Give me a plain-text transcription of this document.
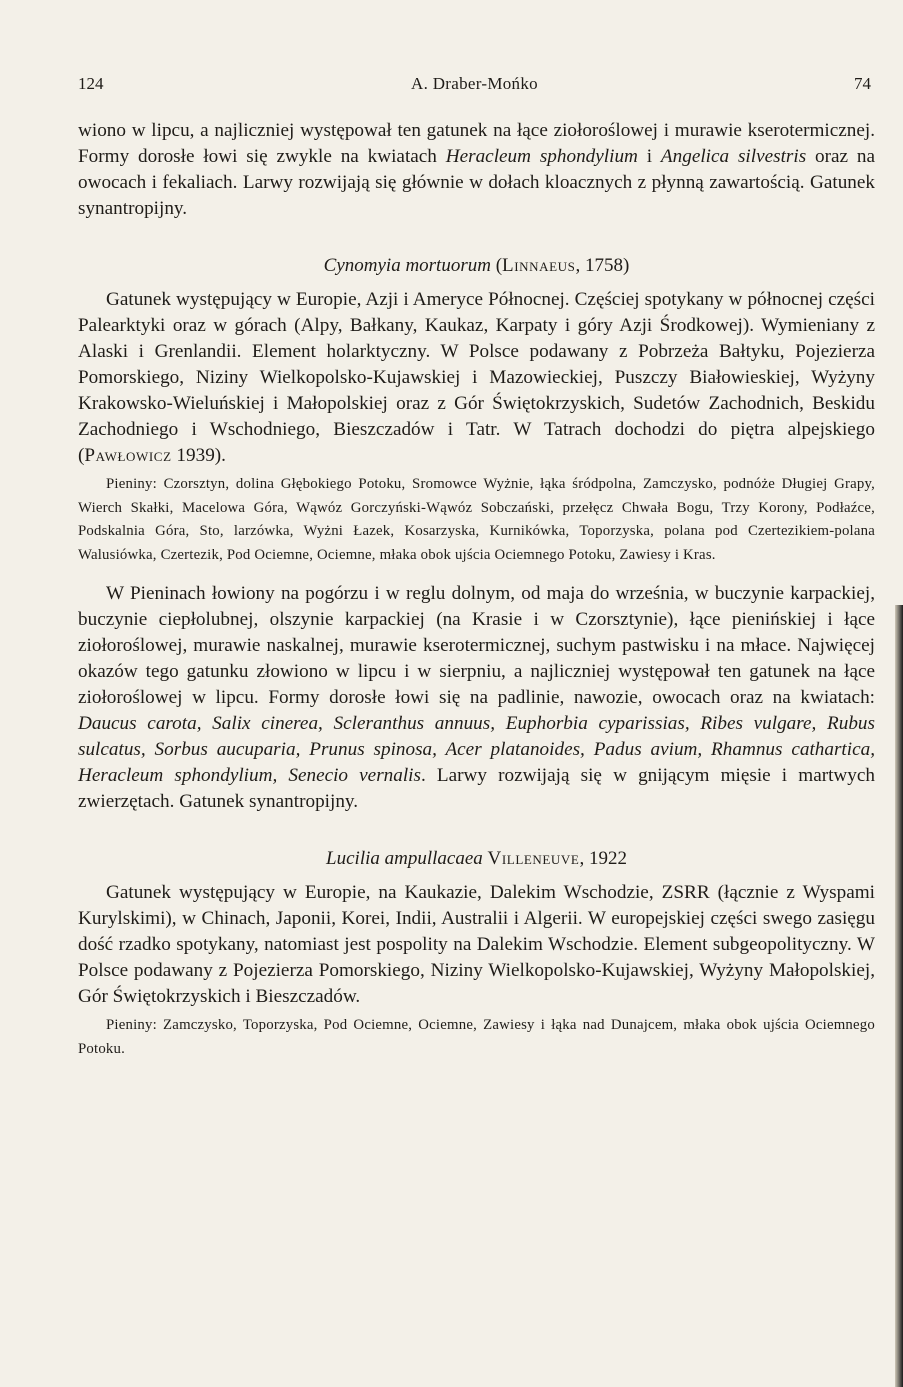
124	A. Draber-Mońko	74

wiono w lipcu, a najliczniej występował ten gatunek na łące ziołoroślowej i murawie kserotermicznej. Formy dorosłe łowi się zwykle na kwiatach Heracleum sphondylium i Angelica silvestris oraz na owocach i fekaliach. Larwy rozwijają się głównie w dołach kloacznych z płynną zawartością. Gatunek synantropijny.

Cynomyia mortuorum (Linnaeus, 1758)

Gatunek występujący w Europie, Azji i Ameryce Północnej. Częściej spotykany w północnej części Palearktyki oraz w górach (Alpy, Bałkany, Kaukaz, Karpaty i góry Azji Środkowej). Wymieniany z Alaski i Grenlandii. Element holarktyczny. W Polsce podawany z Pobrzeża Bałtyku, Pojezierza Pomorskiego, Niziny Wielkopolsko-Kujawskiej i Mazowieckiej, Puszczy Białowieskiej, Wyżyny Krakowsko-Wieluńskiej i Małopolskiej oraz z Gór Świętokrzyskich, Sudetów Zachodnich, Beskidu Zachodniego i Wschodniego, Bieszczadów i Tatr. W Tatrach dochodzi do piętra alpejskiego (Pawłowicz 1939).

Pieniny: Czorsztyn, dolina Głębokiego Potoku, Sromowce Wyżnie, łąka śródpolna, Zamczysko, podnóże Długiej Grapy, Wierch Skałki, Macelowa Góra, Wąwóz Gorczyński-Wąwóz Sobczański, przełęcz Chwała Bogu, Trzy Korony, Podłaźce, Podskalnia Góra, Sto, larzówka, Wyżni Łazek, Kosarzyska, Kurnikówka, Toporzyska, polana pod Czertezikiem-polana Walusiówka, Czertezik, Pod Ociemne, Ociemne, młaka obok ujścia Ociemnego Potoku, Zawiesy i Kras.

W Pieninach łowiony na pogórzu i w reglu dolnym, od maja do września, w buczynie karpackiej, buczynie ciepłolubnej, olszynie karpackiej (na Krasie i w Czorsztynie), łące pienińskiej i łące ziołoroślowej, murawie naskalnej, murawie kserotermicznej, suchym pastwisku i na młace. Najwięcej okazów tego gatunku złowiono w lipcu i w sierpniu, a najliczniej występował ten gatunek na łące ziołoroślowej w lipcu. Formy dorosłe łowi się na padlinie, nawozie, owocach oraz na kwiatach: Daucus carota, Salix cinerea, Scleranthus annuus, Euphorbia cyparissias, Ribes vulgare, Rubus sulcatus, Sorbus aucuparia, Prunus spinosa, Acer platanoides, Padus avium, Rhamnus cathartica, Heracleum sphondylium, Senecio vernalis. Larwy rozwijają się w gnijącym mięsie i martwych zwierzętach. Gatunek synantropijny.

Lucilia ampullacaea Villeneuve, 1922

Gatunek występujący w Europie, na Kaukazie, Dalekim Wschodzie, ZSRR (łącznie z Wyspami Kurylskimi), w Chinach, Japonii, Korei, Indii, Australii i Algerii. W europejskiej części swego zasięgu dość rzadko spotykany, natomiast jest pospolity na Dalekim Wschodzie. Element subgeopolityczny. W Polsce podawany z Pojezierza Pomorskiego, Niziny Wielkopolsko-Kujawskiej, Wyżyny Małopolskiej, Gór Świętokrzyskich i Bieszczadów.

Pieniny: Zamczysko, Toporzyska, Pod Ociemne, Ociemne, Zawiesy i łąka nad Dunajcem, młaka obok ujścia Ociemnego Potoku.
